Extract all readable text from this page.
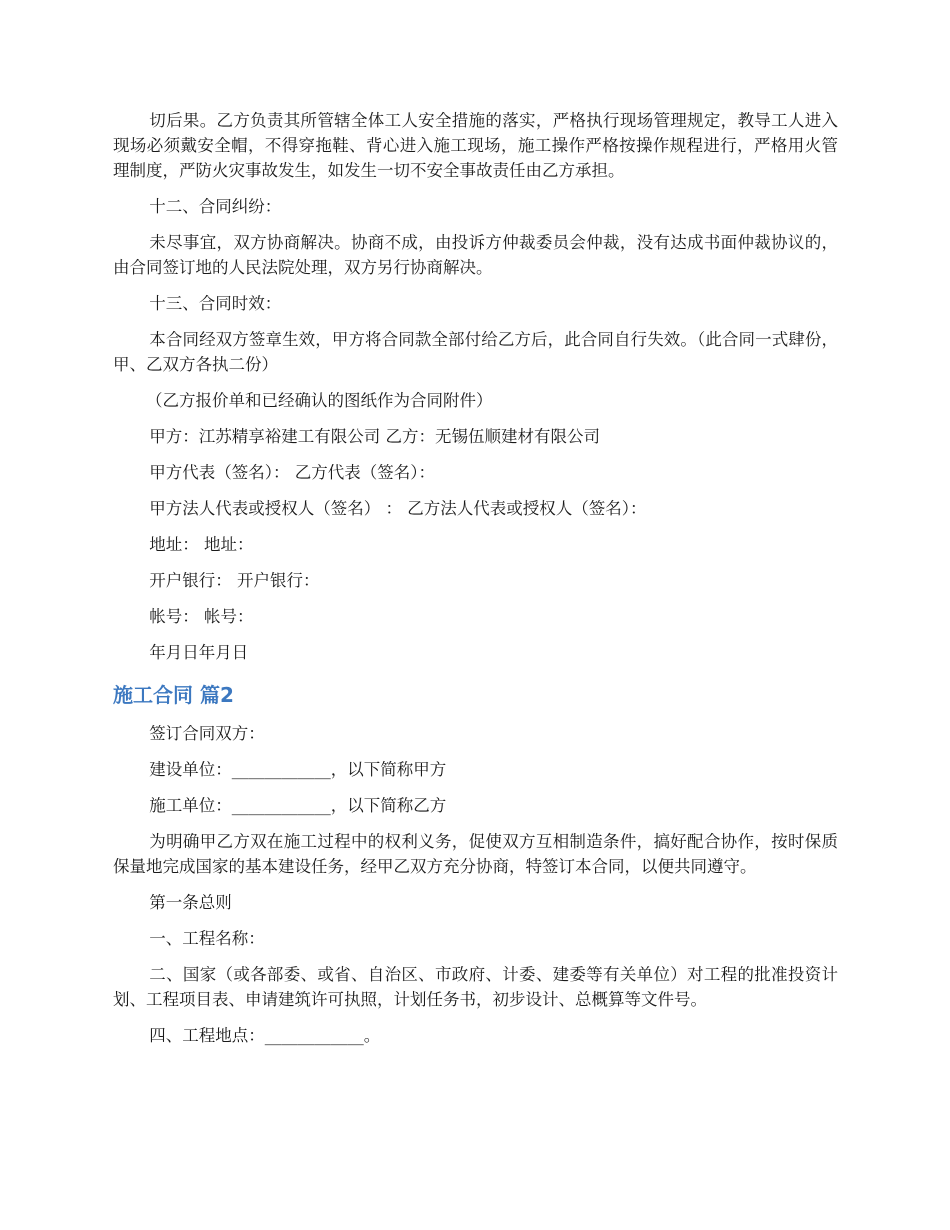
切后果。乙方负责其所管辖全体工人安全措施的落实，严格执行现场管理规定，教导工人进入现场必须戴安全帽，不得穿拖鞋、背心进入施工现场，施工操作严格按操作规程进行，严格用火管理制度，严防火灾事故发生，如发生一切不安全事故责任由乙方承担。

十二、合同纠纷：

未尽事宜，双方协商解决。协商不成，由投诉方仲裁委员会仲裁，没有达成书面仲裁协议的，由合同签订地的人民法院处理，双方另行协商解决。

十三、合同时效：

本合同经双方签章生效，甲方将合同款全部付给乙方后，此合同自行失效。（此合同一式肆份，甲、乙双方各执二份）

（乙方报价单和已经确认的图纸作为合同附件）

甲方：江苏精享裕建工有限公司 乙方：无锡伍顺建材有限公司

甲方代表（签名）： 乙方代表（签名）：

甲方法人代表或授权人（签名） ： 乙方法人代表或授权人（签名）：

地址： 地址：

开户银行： 开户银行：

帐号： 帐号：

年月日年月日

施工合同 篇2

签订合同双方：

建设单位：____________，以下简称甲方

施工单位：____________，以下简称乙方

为明确甲乙方双在施工过程中的权利义务，促使双方互相制造条件，搞好配合协作，按时保质保量地完成国家的基本建设任务，经甲乙双方充分协商，特签订本合同，以便共同遵守。

第一条总则

一、工程名称：

二、国家（或各部委、或省、自治区、市政府、计委、建委等有关单位）对工程的批准投资计划、工程项目表、申请建筑许可执照，计划任务书，初步设计、总概算等文件号。

四、工程地点：____________。
